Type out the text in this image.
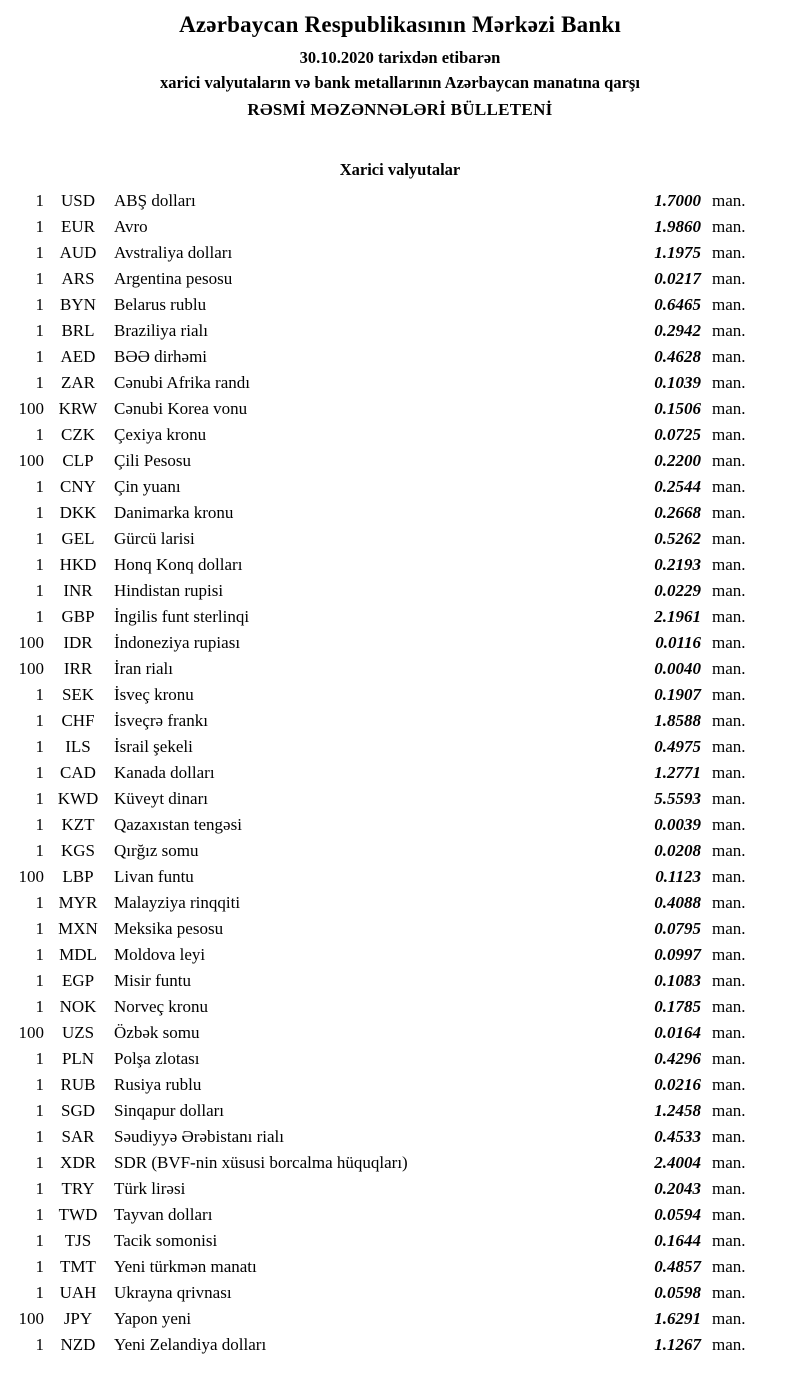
Azərbaycan Respublikasının Mərkəzi Bankı
30.10.2020 tarixdən etibarən
xarici valyutaların və bank metallarının Azərbaycan manatına qarşı
RƏSMİ MƏZƏNNƏLƏRİ BÜLLETENİ
Xarici valyutalar
1 USD	ABŞ dolları	1.7000 man.
1	EUR	Avro	1.9860 man.
1 AUD	Avstraliya dolları	1.1975 man.
1	ARS	Argentina pesosu	0.0217 man.
1 BYN	Belarus rublu	0.6465 man.
1	BRL	Braziliya rialı	0.2942 man.
1 AED	BƏƏ dirhəmi	0.4628 man.
1	ZAR	Cənubi Afrika randı	0.1039 man.
100 KRW Cənubi Korea vonu	0.1506 man.
1	CZK	Çexiya kronu	0.0725 man.
100	CLP	Çili Pesosu	0.2200 man.
1 CNY	Çin yuanı	0.2544 man.
1 DKK	Danimarka kronu	0.2668 man.
1	GEL	Gürcü larisi	0.5262 man.
1 HKD	Honq Konq dolları	0.2193 man.
1	INR	Hindistan rupisi	0.0229 man.
1	GBP	İngilis funt sterlinqi	2.1961 man.
100	IDR	İndoneziya rupiası	0.0116 man.
100	IRR	İran rialı	0.0040 man.
1	SEK	İsveç kronu	0.1907 man.
1	CHF	İsveçrə frankı	1.8588 man.
1	ILS	İsrail şekeli	0.4975 man.
1 CAD	Kanada dolları	1.2771 man.
1 KWD Küveyt dinarı	5.5593 man.
1	KZT	Qazaxıstan tengəsi	0.0039 man.
1 KGS	Qırğız somu	0.0208 man.
100	LBP	Livan funtu	0.1123 man.
1 MYR Malayziya rinqqiti	0.4088 man.
1 MXN Meksika pesosu	0.0795 man.
1 MDL	Moldova leyi	0.0997 man.
1	EGP	Misir funtu	0.1083 man.
1 NOK	Norveç kronu	0.1785 man.
100	UZS	Özbək somu	0.0164 man.
1	PLN	Polşa zlotası	0.4296 man.
1 RUB	Rusiya rublu	0.0216 man.
1 SGD	Sinqapur dolları	1.2458 man.
1	SAR	Səudiyyə Ərəbistanı rialı	0.4533 man.
1 XDR	SDR (BVF-nin xüsusi borcalma hüquqları)	2.4004 man.
1	TRY	Türk lirəsi	0.2043 man.
1 TWD Tayvan dolları	0.0594 man.
1	TJS	Tacik somonisi	0.1644 man.
1 TMT	Yeni türkmən manatı	0.4857 man.
1 UAH	Ukrayna qrivnası	0.0598 man.
100	JPY	Yapon yeni	1.6291 man.
1 NZD	Yeni Zelandiya dolları	1.1267 man.
